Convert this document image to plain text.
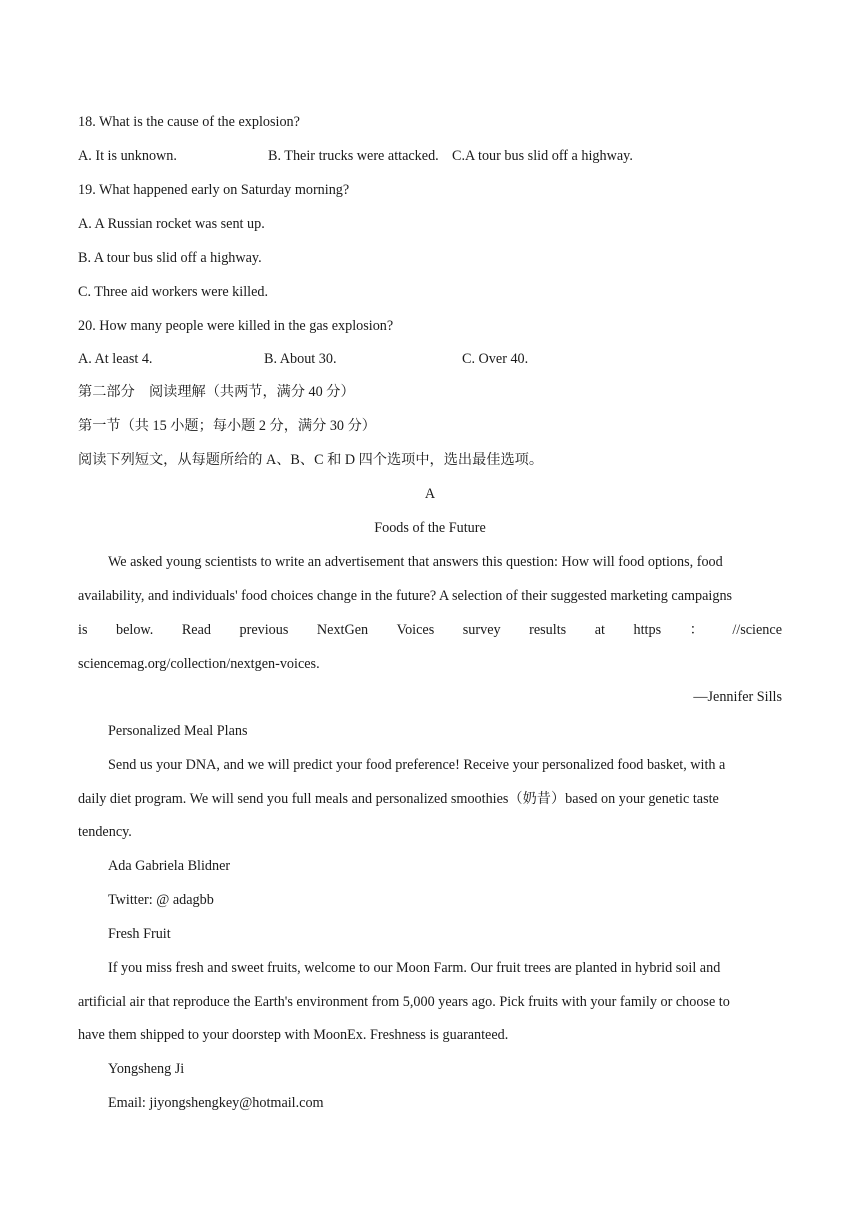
18. What is the cause of the explosion?
A. It is unknown.	B. Their trucks were attacked. C.A tour bus slid off a highway.
19. What happened early on Saturday morning?
A. A Russian rocket was sent up.
B. A tour bus slid off a highway.
C. Three aid workers were killed.
20. How many people were killed in the gas explosion?
A. At least 4.	B. About 30.	C. Over 40.
第二部分　阅读理解（共两节，满分 40 分）
第一节（共 15 小题；每小题 2 分，满分 30 分）
阅读下列短文，从每题所给的 A、B、C 和 D 四个选项中，选出最佳选项。
A
Foods of the Future
We asked young scientists to write an advertisement that answers this question: How will food options, food
availability, and individuals' food choices change in the future? A selection of their suggested marketing campaigns
is below. Read previous NextGen Voices survey results at https ： //science
sciencemag.org/collection/nextgen-voices.
—Jennifer Sills
Personalized Meal Plans
Send us your DNA, and we will predict your food preference! Receive your personalized food basket, with a
daily diet program. We will send you full meals and personalized smoothies（奶昔）based on your genetic taste
tendency.
Ada Gabriela Blidner
Twitter: @ adagbb
Fresh Fruit
If you miss fresh and sweet fruits, welcome to our Moon Farm. Our fruit trees are planted in hybrid soil and
artificial air that reproduce the Earth's environment from 5,000 years ago. Pick fruits with your family or choose to
have them shipped to your doorstep with MoonEx. Freshness is guaranteed.
Yongsheng Ji
Email: jiyongshengkey@hotmail.com
